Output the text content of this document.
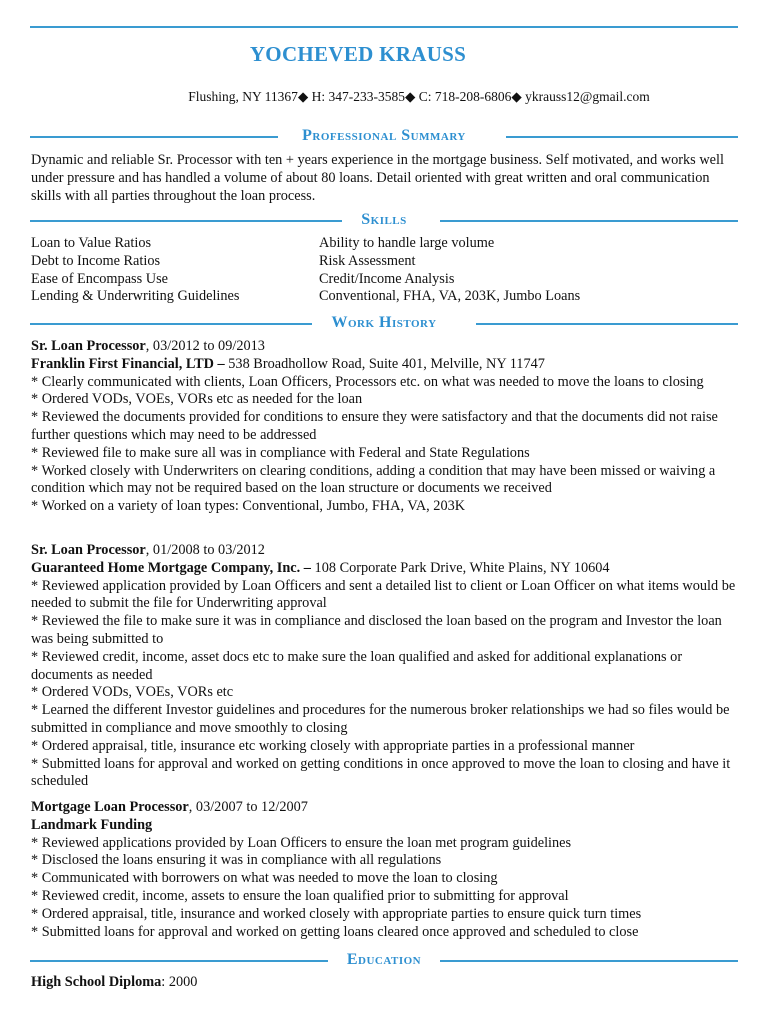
YOCHEVED KRAUSS
Flushing, NY 11367◆ H: 347-233-3585◆ C: 718-208-6806◆ ykrauss12@gmail.com
Professional Summary
Dynamic and reliable Sr. Processor with ten + years experience in the mortgage business. Self motivated, and works well under pressure and has handled a volume of about 80 loans. Detail oriented with great written and oral communication skills with all parties throughout the loan process.
Skills
Loan to Value Ratios
Debt to Income Ratios
Ease of Encompass Use
Lending & Underwriting Guidelines
Ability to handle large volume
Risk Assessment
Credit/Income Analysis
Conventional, FHA, VA, 203K, Jumbo Loans
Work History
Sr. Loan Processor, 03/2012 to 09/2013
Franklin First Financial, LTD – 538 Broadhollow Road, Suite 401, Melville, NY 11747

* Clearly communicated with clients, Loan Officers, Processors etc. on what was needed to move the loans to closing

* Ordered VODs, VOEs, VORs etc as needed for the loan

* Reviewed the documents provided for conditions to ensure they were satisfactory and that the documents did not raise further questions which may need to be addressed

* Reviewed file to make sure all was in compliance with Federal and State Regulations

* Worked closely with Underwriters on clearing conditions, adding a condition that may have been missed or waiving a condition which may not be required based on the loan structure or documents we received

* Worked on a variety of loan types: Conventional, Jumbo, FHA, VA, 203K

Sr. Loan Processor, 01/2008 to 03/2012
Guaranteed Home Mortgage Company, Inc. – 108 Corporate Park Drive, White Plains, NY 10604

* Reviewed application provided by Loan Officers and sent a detailed list to client or Loan Officer on what items would be needed to submit the file for Underwriting approval

* Reviewed the file to make sure it was in compliance and disclosed the loan based on the program and Investor the loan was being submitted to

* Reviewed credit, income, asset docs etc to make sure the loan qualified and asked for additional explanations or documents as needed

* Ordered VODs, VOEs, VORs etc

* Learned the different Investor guidelines and procedures for the numerous broker relationships we had so files would be submitted in compliance and move smoothly to closing

* Ordered appraisal, title, insurance etc working closely with appropriate parties in a professional manner

* Submitted loans for approval and worked on getting conditions in once approved to move the loan to closing and have it scheduled

Mortgage Loan Processor, 03/2007 to 12/2007
Landmark Funding

* Reviewed applications provided by Loan Officers to ensure the loan met program guidelines

* Disclosed the loans ensuring it was in compliance with all regulations

* Communicated with borrowers on what was needed to move the loan to closing

* Reviewed credit, income, assets to ensure the loan qualified prior to submitting for approval

* Ordered appraisal, title, insurance and worked closely with appropriate parties to ensure quick turn times

* Submitted loans for approval and worked on getting loans cleared once approved and scheduled to close

Education
High School Diploma: 2000
